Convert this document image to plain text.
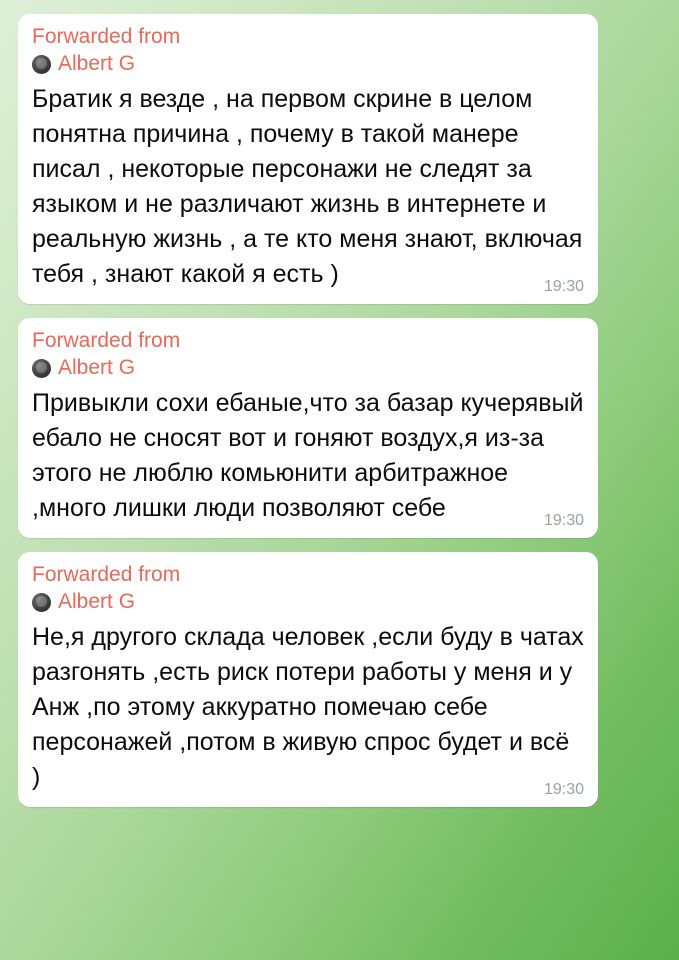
Forwarded from
Albert G
Братик я везде , на первом скрине в целом понятна причина , почему в такой манере писал , некоторые персонажи не следят за языком и не различают жизнь в интернете и реальную жизнь , а те кто меня знают, включая тебя , знают какой я есть )	19:30
Forwarded from
Albert G
Привыкли сохи ебаные,что за базар кучерявый ебало не сносят вот и гоняют воздух,я из-за этого не люблю комьюнити арбитражное ,много лишки люди позволяют себе	19:30
Forwarded from
Albert G
Не,я другого склада человек ,если буду в чатах разгонять ,есть риск потери работы у меня и у Анж ,по этому аккуратно помечаю себе персонажей ,потом в живую спрос будет и всё )	19:30
